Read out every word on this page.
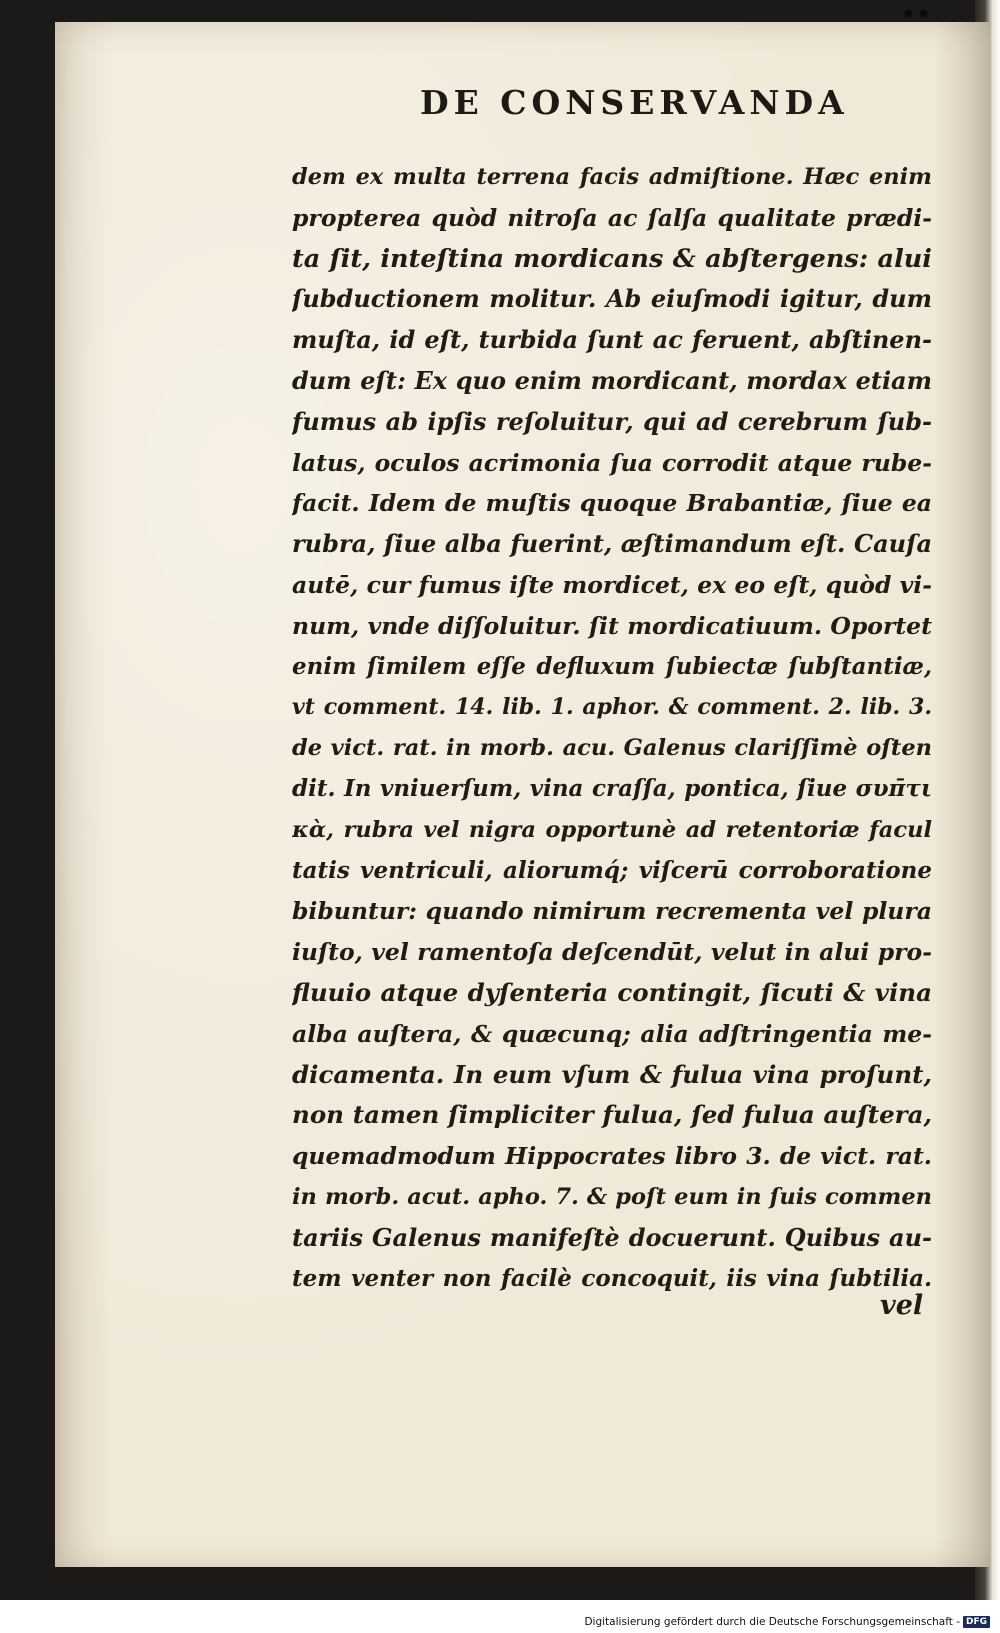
DE CONSERVANDA
dem ex multa terrena facis admiſtione. Hæc enim
propterea quòd nitroſa ac ſalſa qualitate prædi-
ta ſit, inteſtina mordicans & abſtergens: alui
ſubductionem molitur. Ab eiuſmodi igitur, dum
muſta, id eſt, turbida ſunt ac feruent, abſtinen-
dum eſt: Ex quo enim mordicant, mordax etiam
fumus ab ipſis reſoluitur, qui ad cerebrum ſub-
latus, oculos acrimonia ſua corrodit atque rube-
facit. Idem de muſtis quoque Brabantiæ, ſiue ea
rubra, ſiue alba fuerint, æſtimandum eſt. Cauſa
autē, cur fumus iſte mordicet, ex eo eſt, quòd vi-
num, vnde diſſoluitur. ſit mordicatiuum. Oportet
enim ſimilem eſſe defluxum ſubiectæ ſubſtantiæ,
vt comment. 14. lib. 1. aphor. & comment. 2. lib. 3.
de vict. rat. in morb. acu. Galenus clariſſimè oſten
dit. In vniuerſum, vina craſſa, pontica, ſiue συπ̄τι
κὰ, rubra vel nigra opportunè ad retentoriæ facul
tatis ventriculi, aliorumq́; viſcerū corroboratione
bibuntur: quando nimirum recrementa vel plura
iuſto, vel ramentoſa deſcendūt, velut in alui pro-
fluuio atque dyſenteria contingit, ſicuti & vina
alba auſtera, & quæcunq; alia adſtringentia me-
dicamenta. In eum vſum & fulua vina proſunt,
non tamen ſimpliciter fulua, ſed fulua auſtera,
quemadmodum Hippocrates libro 3. de vict. rat.
in morb. acut. apho. 7. & poſt eum in ſuis commen
tariis Galenus manifeſtè docuerunt. Quibus au-
tem venter non facilè concoquit, iis vina ſubtilia.
vel
Digitalisierung gefördert durch die Deutsche Forschungsgemeinschaft - DFG
